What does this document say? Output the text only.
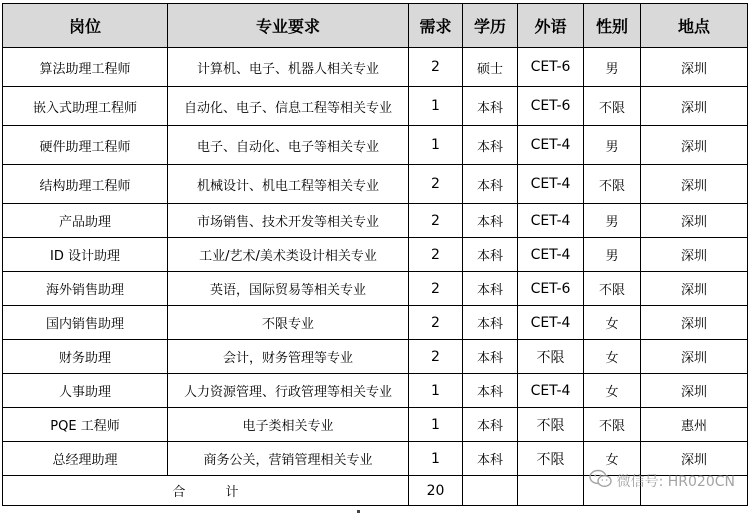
岗位	专业要求	需求	学历	外语	性别	地点
算法助理工程师	计算机、电子、机器人相关专业	2	硕士	CET-6	男	深圳
嵌入式助理工程师	自动化、电子、信息工程等相关专业	1	本科	CET-6	不限	深圳
硬件助理工程师	电子、自动化、电子等相关专业	1	本科	CET-4	男	深圳
结构助理工程师	机械设计、机电工程等相关专业	2	本科	CET-4	不限	深圳
产品助理	市场销售、技术开发等相关专业	2	本科	CET-4	男	深圳
ID 设计助理	工业/艺术/美术类设计相关专业	2	本科	CET-4	男	深圳
海外销售助理	英语，国际贸易等相关专业	2	本科	CET-6	不限	深圳
国内销售助理	不限专业	2	本科	CET-4	女	深圳
财务助理	会计，财务管理等专业	2	本科	不限	女	深圳
人事助理	人力资源管理、行政管理等相关专业	1	本科	CET-4	女	深圳
PQE 工程师	电子类相关专业	1	本科	不限	不限	惠州
总经理助理	商务公关，营销管理相关专业	1	本科	不限	女	深圳
合 计		20				
微信号: HR020CN
